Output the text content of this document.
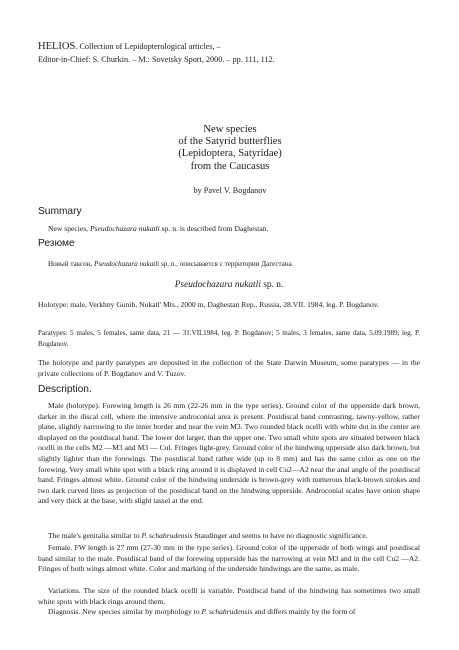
HELIOS. Collection of Lepidopterological articles, –
Editor-in-Chief: S. Churkin. – M.: Sovetsky Sport, 2000. – pp. 111, 112.
New species
of the Satyrid butterflies
(Lepidoptera, Satyridae)
from the Caucasus
by Pavel V. Bogdanov
Summary

New species, Pseudochazara nukatli sp. n. is described from Daghestan.

Резюме

Новый таксон, Pseudochazara nukatli sp. n., описывается с территории Дагестана.

Pseudochazara nukatli sp. n.

Holotype: male, Verkhny Gunib, Nukatl' Mts., 2000 m, Daghestan Rep., Russia, 28.VII. 1984, leg. P. Bogdanov.

Paratypes: 5 males, 5 females, same data, 21 — 31.VII.1984, leg. P. Bogdanov; 5 males, 3 females, same data, 5.09.1989, leg. P. Bogdanov.

The holotype and partly paratypes are deposited in the collection of the State Darwin Museum, some paratypes — in the private collections of P. Bogdanov and V. Tuzov.

Description.

Male (holotype). Forewing length is 26 mm (22-26 mm in the type series). Ground color of the upperside dark brown, darker in the discal cell, where the intensive androconial area is present. Postdiscal band contrasting, tawny-yellow, rather plane, slightly narrowing to the inner border and near the vein M3. Two rounded black ocelli with white dot in the center are displayed on the postdiscal band. The lower dot larger, than the upper one. Two small white spots are situated between black ocelli in the cells M2 —M3 and M3 — Cul. Fringes light-grey. Ground color of the hindwing upperside also dark brown, but slightly lighter than the forewings. The postdiscal band rather wide (up to 8 mm) and has the same color as one on the forewing. Very small white spot with a black ring around it is displayed in cell Cu2—A2 near the anal angle of the postdiscal band. Fringes almost white. Ground color of the hindwing underside is brown-grey with numerous black-brown strokes and two dark curved lines as projection of the postdiscal band on the hindwing upperside. Androconial scales have onion shape and very thick at the base, with slight tassel at the end.

The male's genitalia similar to P. schahrudensis Staudinger and seems to have no diagnostic significance.

Female. FW length is 27 mm (27-30 mm in the type series). Ground color of the upperside of both wings and postdiscal band similar to the male. Postdiscal band of the forewing upperside has the narrowing at vein M3 and in the cell Cu2 —A2. Fringes of both wings almost white. Color and marking of the underside hindwings are the same, as male.

Variations. The size of the rounded black ocelli is variable. Postdiscal band of the hindwing has sometimes two small white spots with black rings around them.

Diagnosis. New species similar by morphology to P. schahrudensis and differs mainly by the form of
